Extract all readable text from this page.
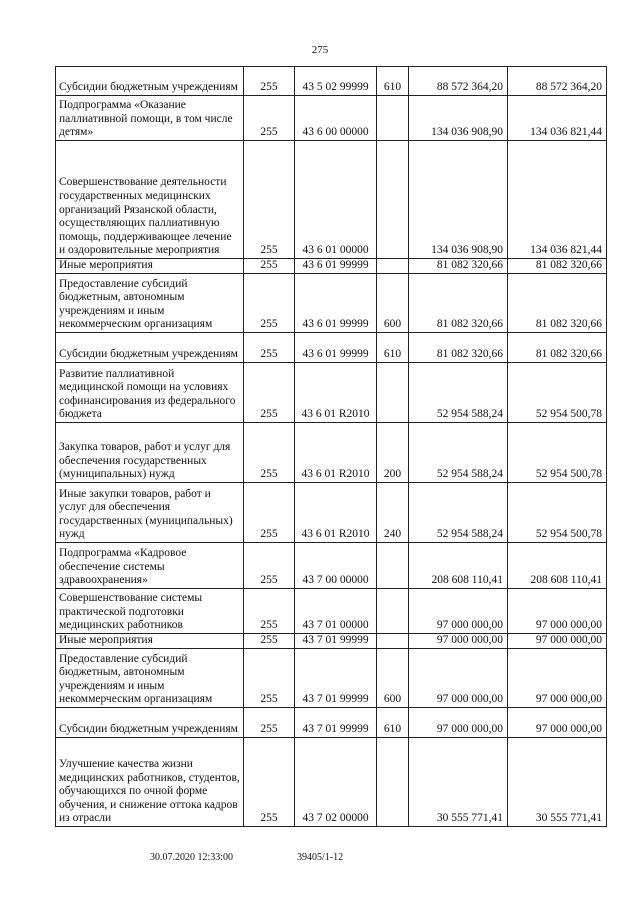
275
Субсидии бюджетным учреждениям	255	43 5 02 99999	610	88 572 364,20	88 572 364,20
Подпрограмма «Оказание паллиативной помощи, в том числе детям»	255	43 6 00 00000		134 036 908,90	134 036 821,44
Совершенствование деятельности государственных медицинских организаций Рязанской области, осуществляющих паллиативную помощь, поддерживающее лечение и оздоровительные мероприятия	255	43 6 01 00000		134 036 908,90	134 036 821,44
Иные мероприятия	255	43 6 01 99999		81 082 320,66	81 082 320,66
Предоставление субсидий бюджетным, автономным учреждениям и иным некоммерческим организациям	255	43 6 01 99999	600	81 082 320,66	81 082 320,66
Субсидии бюджетным учреждениям	255	43 6 01 99999	610	81 082 320,66	81 082 320,66
Развитие паллиативной медицинской помощи на условиях софинансирования из федерального бюджета	255	43 6 01 R2010		52 954 588,24	52 954 500,78
Закупка товаров, работ и услуг для обеспечения государственных (муниципальных) нужд	255	43 6 01 R2010	200	52 954 588,24	52 954 500,78
Иные закупки товаров, работ и услуг для обеспечения государственных (муниципальных) нужд	255	43 6 01 R2010	240	52 954 588,24	52 954 500,78
Подпрограмма «Кадровое обеспечение системы здравоохранения»	255	43 7 00 00000		208 608 110,41	208 608 110,41
Совершенствование системы практической подготовки медицинских работников	255	43 7 01 00000		97 000 000,00	97 000 000,00
Иные мероприятия	255	43 7 01 99999		97 000 000,00	97 000 000,00
Предоставление субсидий бюджетным, автономным учреждениям и иным некоммерческим организациям	255	43 7 01 99999	600	97 000 000,00	97 000 000,00
Субсидии бюджетным учреждениям	255	43 7 01 99999	610	97 000 000,00	97 000 000,00
Улучшение качества жизни медицинских работников, студентов, обучающихся по очной форме обучения, и снижение оттока кадров из отрасли	255	43 7 02 00000		30 555 771,41	30 555 771,41
30.07.2020 12:33:00	39405/1-12
